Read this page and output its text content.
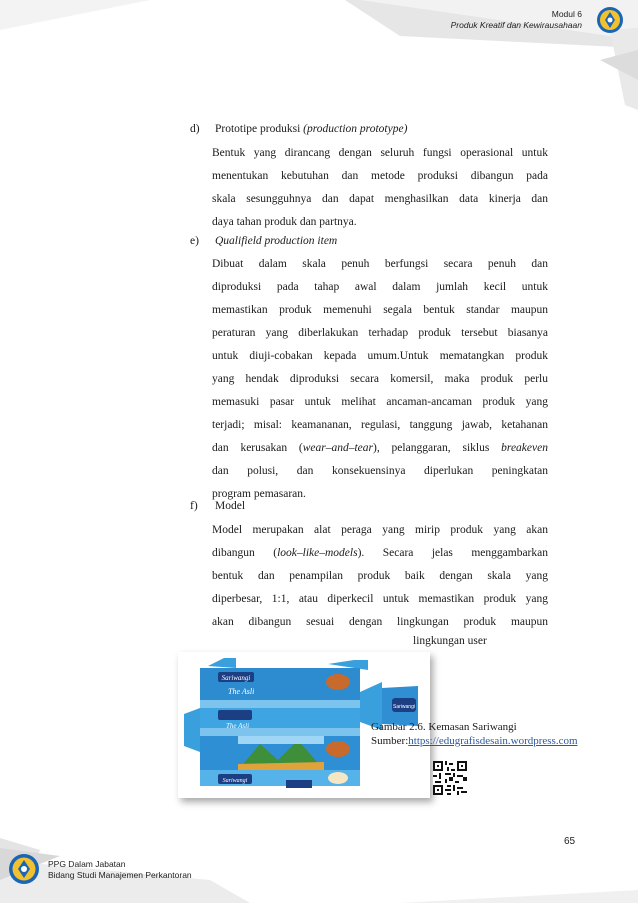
Modul 6
Produk Kreatif dan Kewirausahaan
d) Prototipe produksi (production prototype)
Bentuk yang dirancang dengan seluruh fungsi operasional untuk
menentukan kebutuhan dan metode produksi dibangun pada
skala sesungguhnya dan dapat menghasilkan data kinerja dan
daya tahan produk dan partnya.
e) Qualifield production item
Dibuat dalam skala penuh berfungsi secara penuh dan
diproduksi pada tahap awal dalam jumlah kecil untuk
memastikan produk memenuhi segala bentuk standar maupun
peraturan yang diberlakukan terhadap produk tersebut biasanya
untuk diuji-cobakan kepada umum.Untuk mematangkan produk
yang hendak diproduksi secara komersil, maka produk perlu
memasuki pasar untuk melihat ancaman-ancaman produk yang
terjadi; misal: keamananan, regulasi, tanggung jawab, ketahanan
dan kerusakan (wear–and–tear), pelanggaran, siklus breakeven
dan polusi, dan konsekuensinya diperlukan peningkatan
program pemasaran.
f) Model
Model merupakan alat peraga yang mirip produk yang akan
dibangun (look–like–models). Secara jelas menggambarkan
bentuk dan penampilan produk baik dengan skala yang
diperbesar, 1:1, atau diperkecil untuk memastikan produk yang
akan dibangun sesuai dengan lingkungan produk maupun
lingkungan user
Sariwangi
The Asli
The Asli
Sariwangi
Sariwangi
Gambar 2.6. Kemasan Sariwangi
Sumber:https://edugrafisdesain.wordpress.com
65
PPG Dalam Jabatan
Bidang Studi Manajemen Perkantoran
